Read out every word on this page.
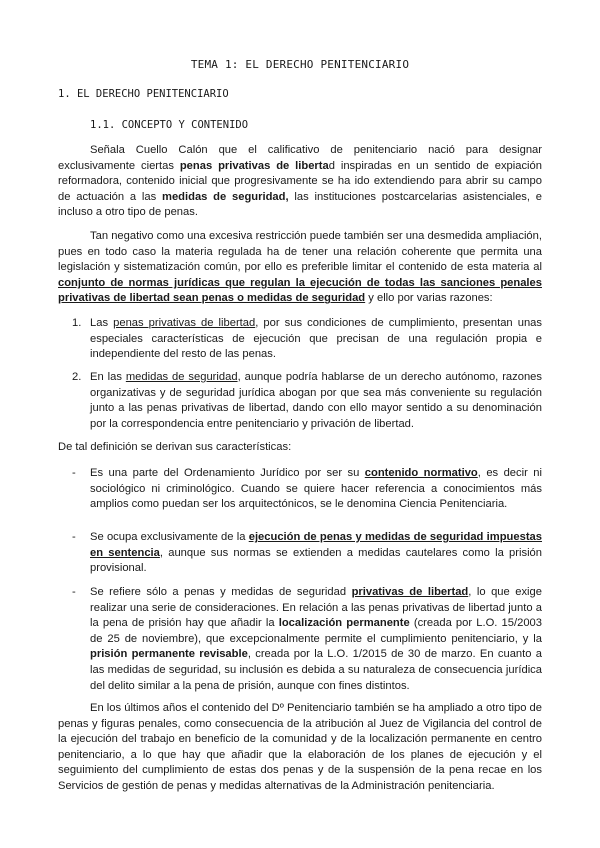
TEMA 1: EL DERECHO PENITENCIARIO
1. EL DERECHO PENITENCIARIO
1.1. CONCEPTO Y CONTENIDO

Señala Cuello Calón que el calificativo de penitenciario nació para designar exclusivamente ciertas penas privativas de libertad inspiradas en un sentido de expiación reformadora, contenido inicial que progresivamente se ha ido extendiendo para abrir su campo de actuación a las medidas de seguridad, las instituciones postcarcelarias asistenciales, e incluso a otro tipo de penas.

Tan negativo como una excesiva restricción puede también ser una desmedida ampliación, pues en todo caso la materia regulada ha de tener una relación coherente que permita una legislación y sistematización común, por ello es preferible limitar el contenido de esta materia al conjunto de normas jurídicas que regulan la ejecución de todas las sanciones penales privativas de libertad sean penas o medidas de seguridad y ello por varias razones:

1. Las penas privativas de libertad, por sus condiciones de cumplimiento, presentan unas especiales características de ejecución que precisan de una regulación propia e independiente del resto de las penas.

2. En las medidas de seguridad, aunque podría hablarse de un derecho autónomo, razones organizativas y de seguridad jurídica abogan por que sea más conveniente su regulación junto a las penas privativas de libertad, dando con ello mayor sentido a su denominación por la correspondencia entre penitenciario y privación de libertad.

De tal definición se derivan sus características:

- Es una parte del Ordenamiento Jurídico por ser su contenido normativo, es decir ni sociológico ni criminológico. Cuando se quiere hacer referencia a conocimientos más amplios como puedan ser los arquitectónicos, se le denomina Ciencia Penitenciaria.

- Se ocupa exclusivamente de la ejecución de penas y medidas de seguridad impuestas en sentencia, aunque sus normas se extienden a medidas cautelares como la prisión provisional.

- Se refiere sólo a penas y medidas de seguridad privativas de libertad, lo que exige realizar una serie de consideraciones. En relación a las penas privativas de libertad junto a la pena de prisión hay que añadir la localización permanente (creada por L.O. 15/2003 de 25 de noviembre), que excepcionalmente permite el cumplimiento penitenciario, y la prisión permanente revisable, creada por la L.O. 1/2015 de 30 de marzo. En cuanto a las medidas de seguridad, su inclusión es debida a su naturaleza de consecuencia jurídica del delito similar a la pena de prisión, aunque con fines distintos.

En los últimos años el contenido del Dº Penitenciario también se ha ampliado a otro tipo de penas y figuras penales, como consecuencia de la atribución al Juez de Vigilancia del control de la ejecución del trabajo en beneficio de la comunidad y de la localización permanente en centro penitenciario, a lo que hay que añadir que la elaboración de los planes de ejecución y el seguimiento del cumplimiento de estas dos penas y de la suspensión de la pena recae en los Servicios de gestión de penas y medidas alternativas de la Administración penitenciaria.
